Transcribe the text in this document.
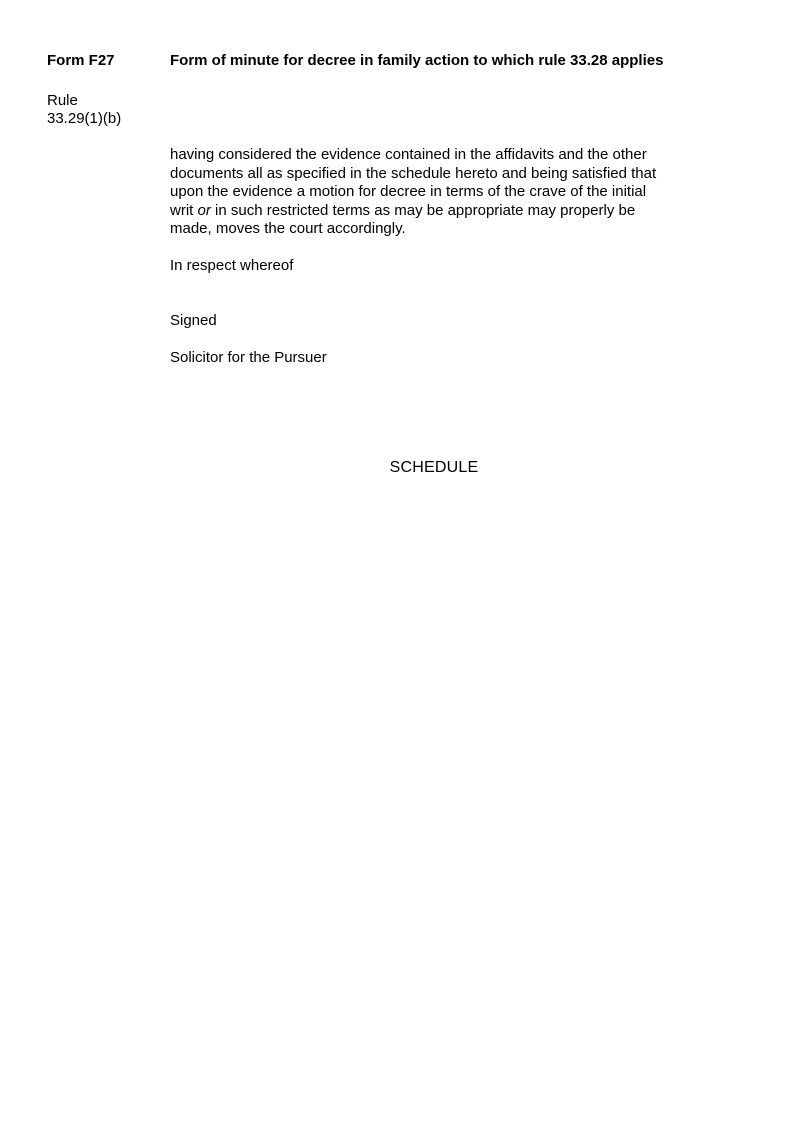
Form F27	Form of minute for decree in family action to which rule 33.28 applies
Rule
33.29(1)(b)
having considered the evidence contained in the affidavits and the other
documents all as specified in the schedule hereto and being satisfied that
upon the evidence a motion for decree in terms of the crave of the initial
writ or in such restricted terms as may be appropriate may properly be
made, moves the court accordingly.
In respect whereof
Signed
Solicitor for the Pursuer
SCHEDULE
